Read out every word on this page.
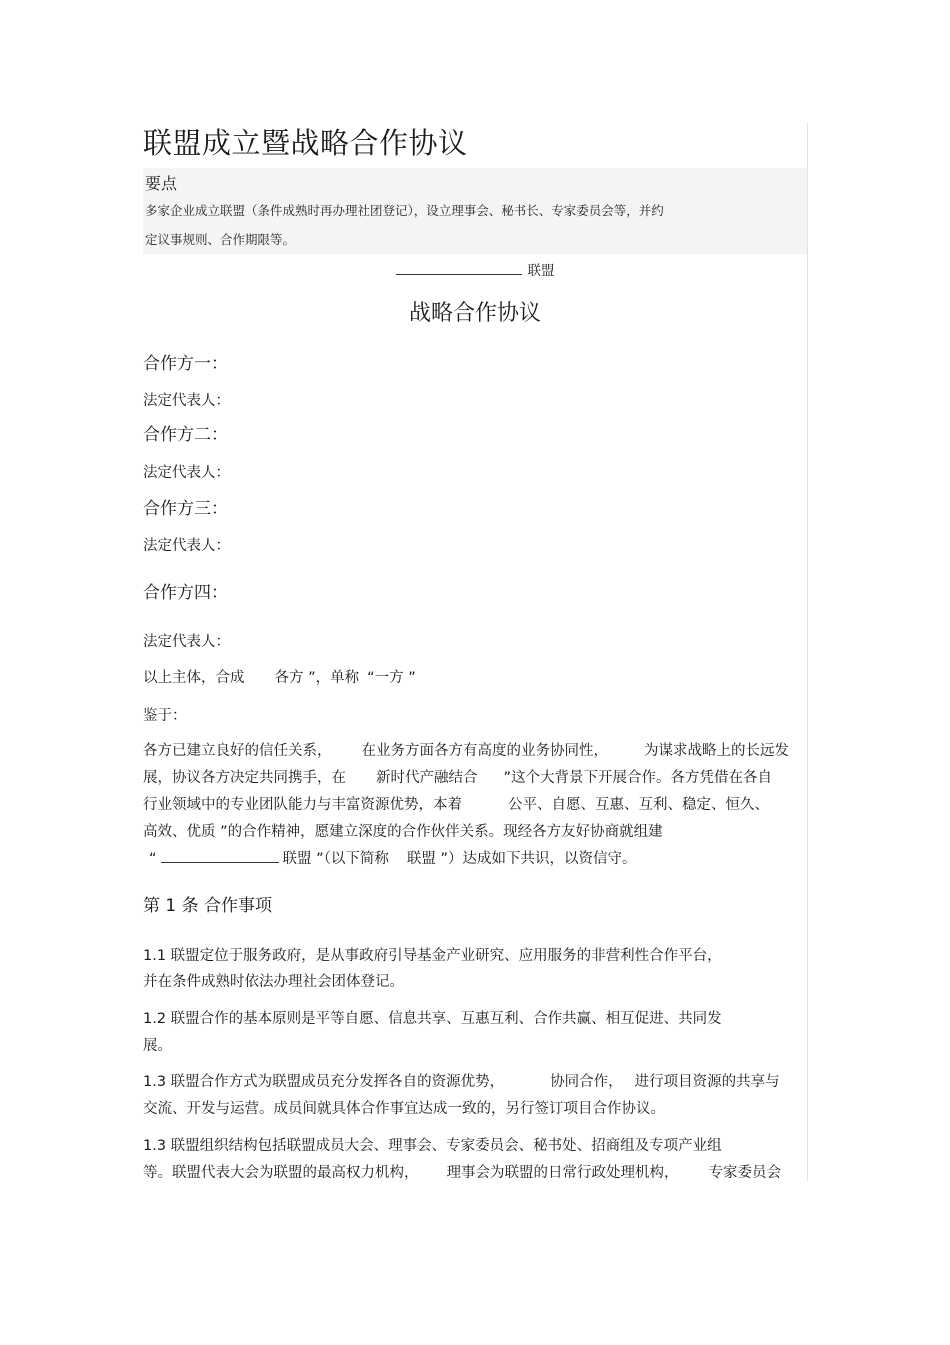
联盟成立暨战略合作协议
要点
多家企业成立联盟（条件成熟时再办理社团登记），设立理事会、秘书长、专家委员会等，并约
定议事规则、合作期限等。
联盟
战略合作协议
合作方一：
法定代表人：
合作方二：
法定代表人：
合作方三：
法定代表人：
合作方四：
法定代表人：
以上主体，合成 各方 ”，单称 “一方 ”
鉴于：
各方已建立良好的信任关系， 在业务方面各方有高度的业务协同性， 为谋求战略上的长远发
展，协议各方决定共同携手，在 新时代产融结合 ”这个大背景下开展合作。各方凭借在各自
行业领域中的专业团队能力与丰富资源优势，本着	公平、自愿、互惠、互利、稳定、恒久、
高效、优质 ”的合作精神，愿建立深度的合作伙伴关系。现经各方友好协商就组建
“	联盟 ”（以下简称 联盟 ”）达成如下共识，以资信守。
第 1 条 合作事项
1.1 联盟定位于服务政府，是从事政府引导基金产业研究、应用服务的非营利性合作平台，
并在条件成熟时依法办理社会团体登记。
1.2 联盟合作的基本原则是平等自愿、信息共享、互惠互利、合作共赢、相互促进、共同发
展。
1.3 联盟合作方式为联盟成员充分发挥各自的资源优势，	协同合作， 进行项目资源的共享与
交流、开发与运营。成员间就具体合作事宜达成一致的，另行签订项目合作协议。
1.3 联盟组织结构包括联盟成员大会、理事会、专家委员会、秘书处、招商组及专项产业组
等。联盟代表大会为联盟的最高权力机构， 理事会为联盟的日常行政处理机构， 专家委员会
